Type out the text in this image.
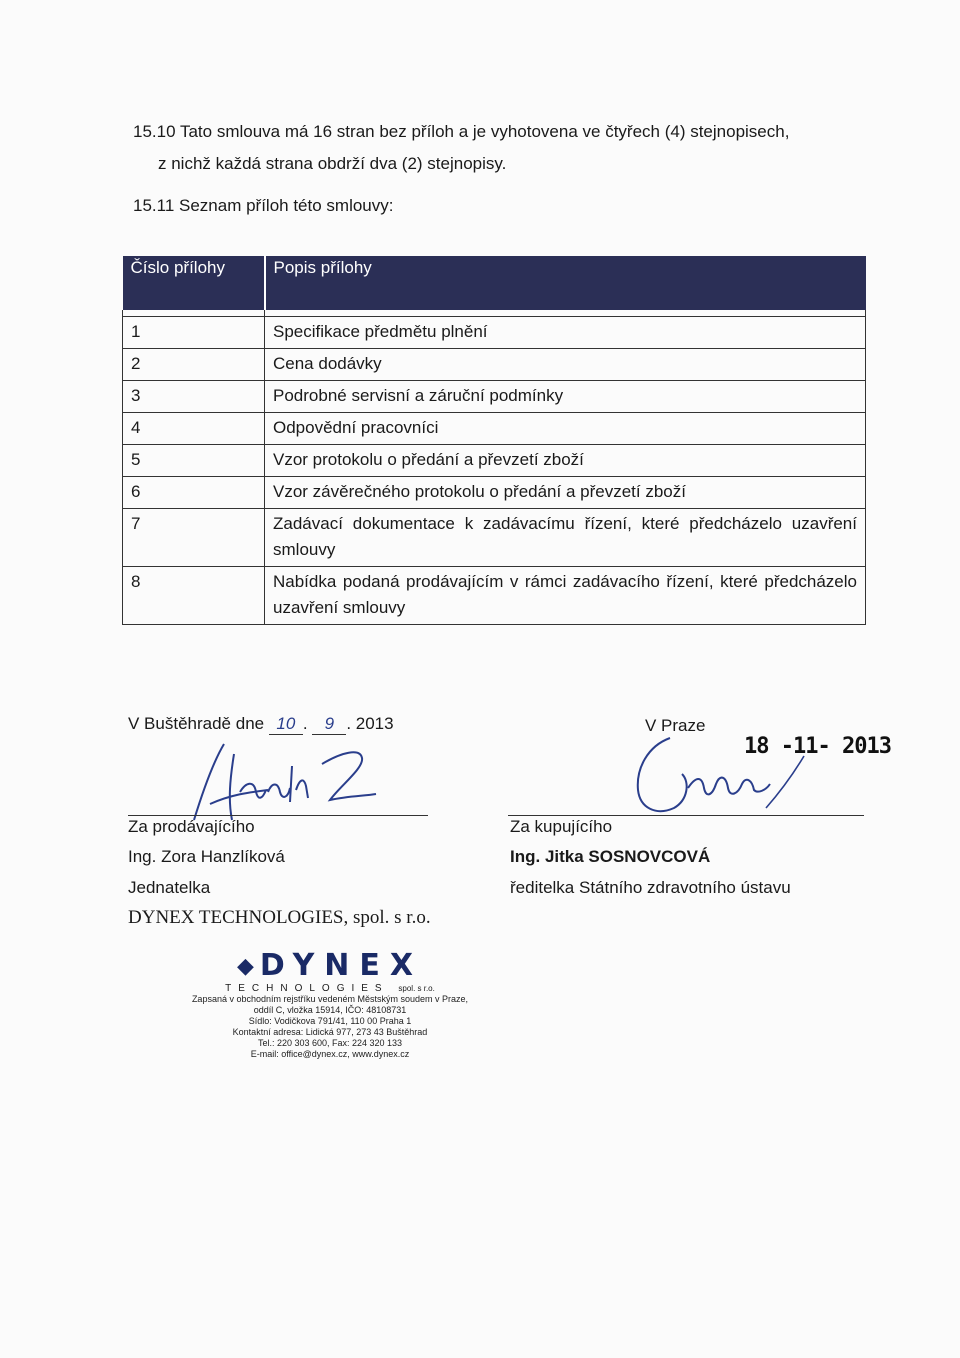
15.10 Tato smlouva má 16 stran bez příloh a je vyhotovena ve čtyřech (4) stejnopisech,
z nichž každá strana obdrží dva (2) stejnopisy.
15.11 Seznam příloh této smlouvy:
Číslo přílohy	Popis přílohy

1	Specifikace předmětu plnění
2	Cena dodávky
3	Podrobné servisní a záruční podmínky
4	Odpovědní pracovníci
5	Vzor protokolu o předání a převzetí zboží
6	Vzor závěrečného protokolu o předání a převzetí zboží
7	Zadávací dokumentace k zadávacímu řízení, které předcházelo uzavření smlouvy
8	Nabídka podaná prodávajícím v rámci zadávacího řízení, které předcházelo uzavření smlouvy
V Buštěhradě dne 10 . 9 . 2013	V Praze
18 -11- 2013
Za prodávajícího
Ing. Zora Hanzlíková
Jednatelka
DYNEX TECHNOLOGIES, spol. s r.o.
Za kupujícího
Ing. Jitka SOSNOVCOVÁ
ředitelka Státního zdravotního ústavu
◆ DYNEX
TECHNOLOGIES spol. s r.o.
Zapsaná v obchodním rejstříku vedeném Městským soudem v Praze,
oddíl C, vložka 15914, IČO: 48108731
Sídlo: Vodičkova 791/41, 110 00 Praha 1
Kontaktní adresa: Lidická 977, 273 43 Buštěhrad
Tel.: 220 303 600, Fax: 224 320 133
E-mail: office@dynex.cz, www.dynex.cz
